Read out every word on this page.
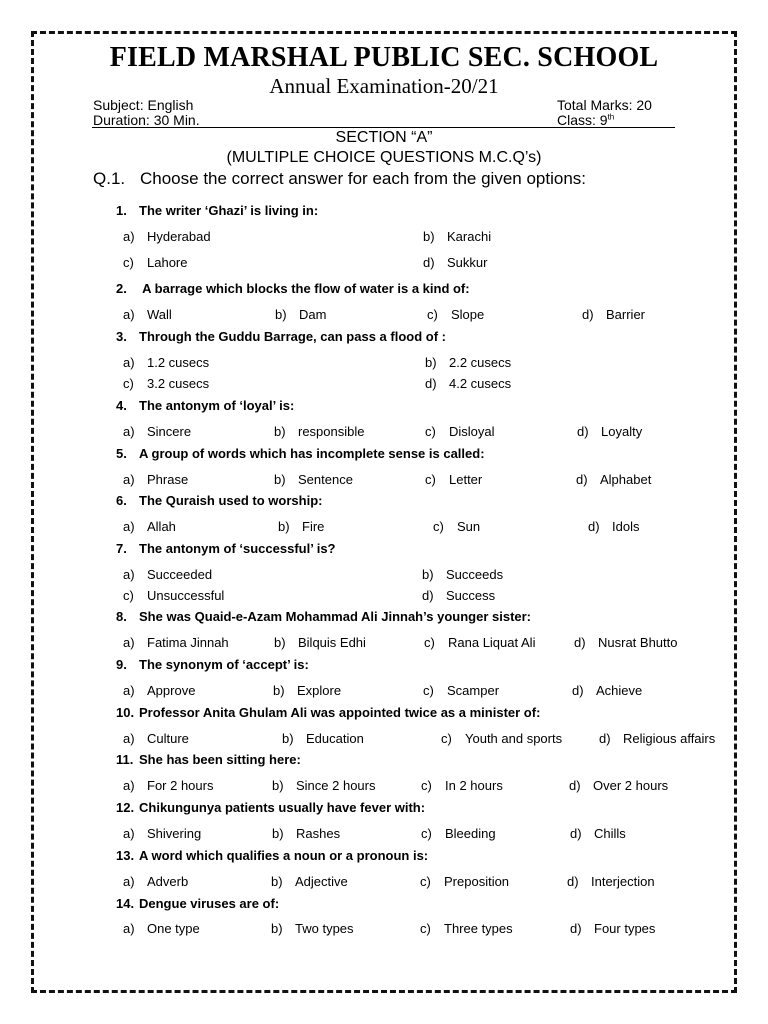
FIELD MARSHAL PUBLIC SEC. SCHOOL
Annual Examination-20/21
Subject: English	Total Marks: 20
Duration: 30 Min.	Class: 9th
SECTION “A”
(MULTIPLE CHOICE QUESTIONS M.C.Q’s)
Q.1. Choose the correct answer for each from the given options:
1. The writer ‘Ghazi’ is living in:
a) Hyderabad	b) Karachi
c) Lahore	d) Sukkur
2. A barrage which blocks the flow of water is a kind of:
a) Wall	b) Dam	c) Slope	d) Barrier
3. Through the Guddu Barrage, can pass a flood of :
a) 1.2 cusecs	b) 2.2 cusecs
c) 3.2 cusecs	d) 4.2 cusecs
4. The antonym of ‘loyal’ is:
a) Sincere	b) responsible	c) Disloyal	d) Loyalty
5. A group of words which has incomplete sense is called:
a) Phrase	b) Sentence	c) Letter	d) Alphabet
6. The Quraish used to worship:
a) Allah	b) Fire	c) Sun	d) Idols
7. The antonym of ‘successful’ is?
a) Succeeded	b) Succeeds
c) Unsuccessful	d) Success
8. She was Quaid-e-Azam Mohammad Ali Jinnah’s younger sister:
a) Fatima Jinnah	b) Bilquis Edhi	c) Rana Liquat Ali	d) Nusrat Bhutto
9. The synonym of ‘accept’ is:
a) Approve	b) Explore	c) Scamper	d) Achieve
10. Professor Anita Ghulam Ali was appointed twice as a minister of:
a) Culture	b) Education	c) Youth and sports	d) Religious affairs
11. She has been sitting here:
a) For 2 hours	b) Since 2 hours	c) In 2 hours	d) Over 2 hours
12. Chikungunya patients usually have fever with:
a) Shivering	b) Rashes	c) Bleeding	d) Chills
13. A word which qualifies a noun or a pronoun is:
a) Adverb	b) Adjective	c) Preposition	d) Interjection
14. Dengue viruses are of:
a) One type	b) Two types	c) Three types	d) Four types
